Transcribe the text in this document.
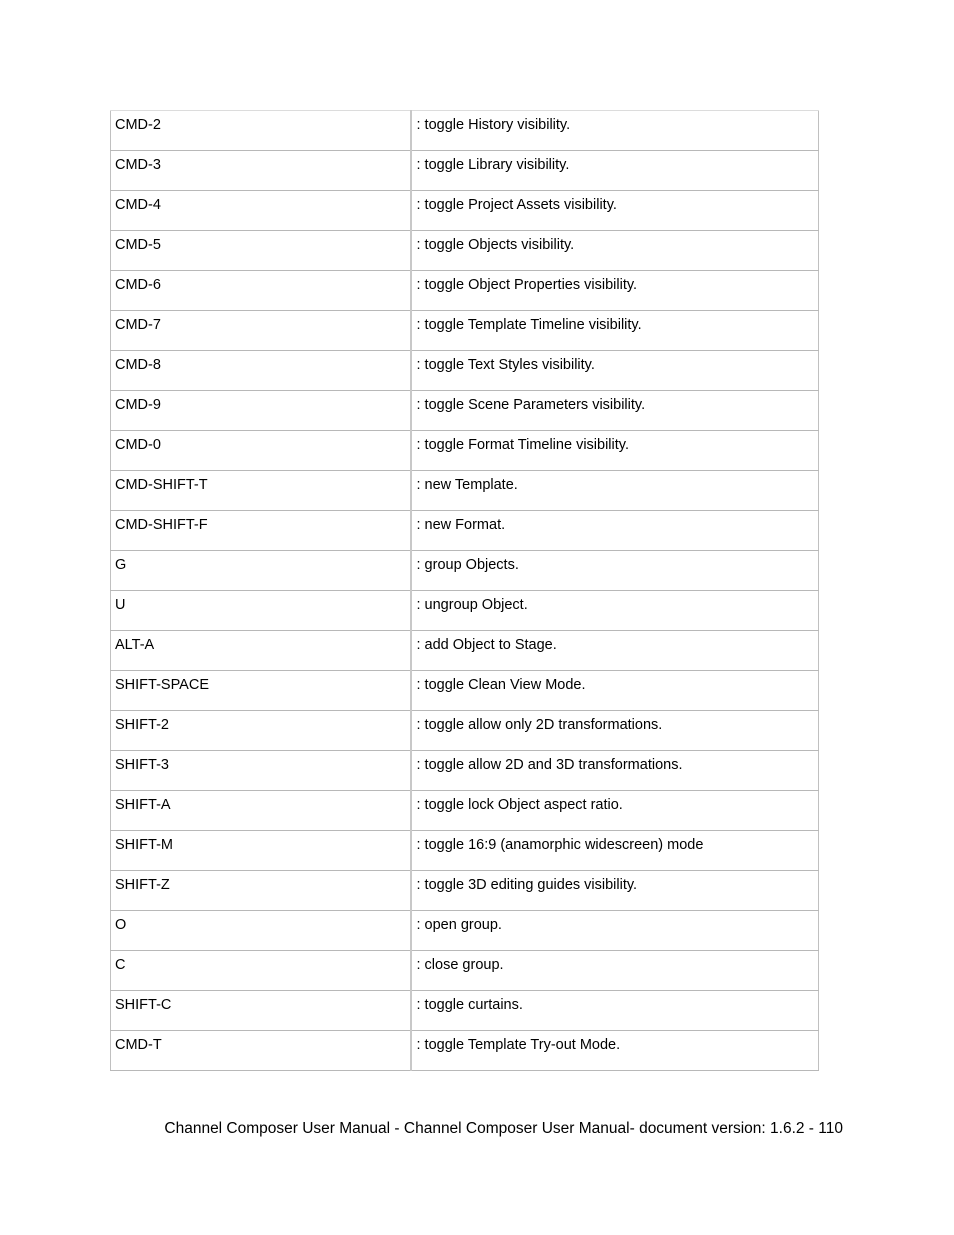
CMD-2	: toggle History visibility.
CMD-3	: toggle Library visibility.
CMD-4	: toggle Project Assets visibility.
CMD-5	: toggle Objects visibility.
CMD-6	: toggle Object Properties visibility.
CMD-7	: toggle Template Timeline visibility.
CMD-8	: toggle Text Styles visibility.
CMD-9	: toggle Scene Parameters visibility.
CMD-0	: toggle Format Timeline visibility.
CMD-SHIFT-T	: new Template.
CMD-SHIFT-F	: new Format.
G	: group Objects.
U	: ungroup Object.
ALT-A	: add Object to Stage.
SHIFT-SPACE	: toggle Clean View Mode.
SHIFT-2	: toggle allow only 2D transformations.
SHIFT-3	: toggle allow 2D and 3D transformations.
SHIFT-A	: toggle lock Object aspect ratio.
SHIFT-M	: toggle 16:9 (anamorphic widescreen) mode
SHIFT-Z	: toggle 3D editing guides visibility.
O	: open group.
C	: close group.
SHIFT-C	: toggle curtains.
CMD-T	: toggle Template Try-out Mode.
Channel Composer User Manual - Channel Composer User Manual- document version: 1.6.2 - 110
